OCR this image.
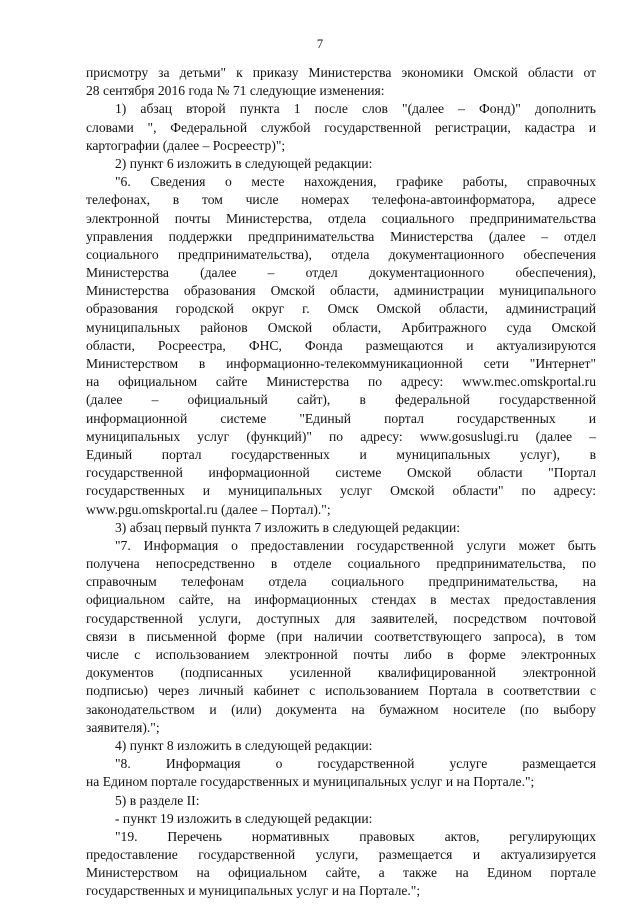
7
присмотру за детьми" к приказу Министерства экономики Омской области от
28 сентября 2016 года № 71 следующие изменения:
1) абзац второй пункта 1 после слов "(далее – Фонд)" дополнить
словами ", Федеральной службой государственной регистрации, кадастра и
картографии (далее – Росреестр)";
2) пункт 6 изложить в следующей редакции:
"6. Сведения о месте нахождения, графике работы, справочных
телефонах, в том числе номерах телефона-автоинформатора, адресе
электронной почты Министерства, отдела социального предпринимательства
управления поддержки предпринимательства Министерства (далее – отдел
социального предпринимательства), отдела документационного обеспечения
Министерства (далее – отдел документационного обеспечения),
Министерства образования Омской области, администрации муниципального
образования городской округ г. Омск Омской области, администраций
муниципальных районов Омской области, Арбитражного суда Омской
области, Росреестра, ФНС, Фонда размещаются и актуализируются
Министерством в информационно-телекоммуникационной сети "Интернет"
на официальном сайте Министерства по адресу: www.mec.omskportal.ru
(далее – официальный сайт), в федеральной государственной
информационной системе "Единый портал государственных и
муниципальных услуг (функций)" по адресу: www.gosuslugi.ru (далее –
Единый портал государственных и муниципальных услуг), в
государственной информационной системе Омской области "Портал
государственных и муниципальных услуг Омской области" по адресу:
www.pgu.omskportal.ru (далее – Портал).";
3) абзац первый пункта 7 изложить в следующей редакции:
"7. Информация о предоставлении государственной услуги может быть
получена непосредственно в отделе социального предпринимательства, по
справочным телефонам отдела социального предпринимательства, на
официальном сайте, на информационных стендах в местах предоставления
государственной услуги, доступных для заявителей, посредством почтовой
связи в письменной форме (при наличии соответствующего запроса), в том
числе с использованием электронной почты либо в форме электронных
документов (подписанных усиленной квалифицированной электронной
подписью) через личный кабинет с использованием Портала в соответствии с
законодательством и (или) документа на бумажном носителе (по выбору
заявителя).";
4) пункт 8 изложить в следующей редакции:
"8. Информация о государственной услуге размещается
на Едином портале государственных и муниципальных услуг и на Портале.";
5) в разделе II:
- пункт 19 изложить в следующей редакции:
"19. Перечень нормативных правовых актов, регулирующих
предоставление государственной услуги, размещается и актуализируется
Министерством на официальном сайте, а также на Едином портале
государственных и муниципальных услуг и на Портале.";
